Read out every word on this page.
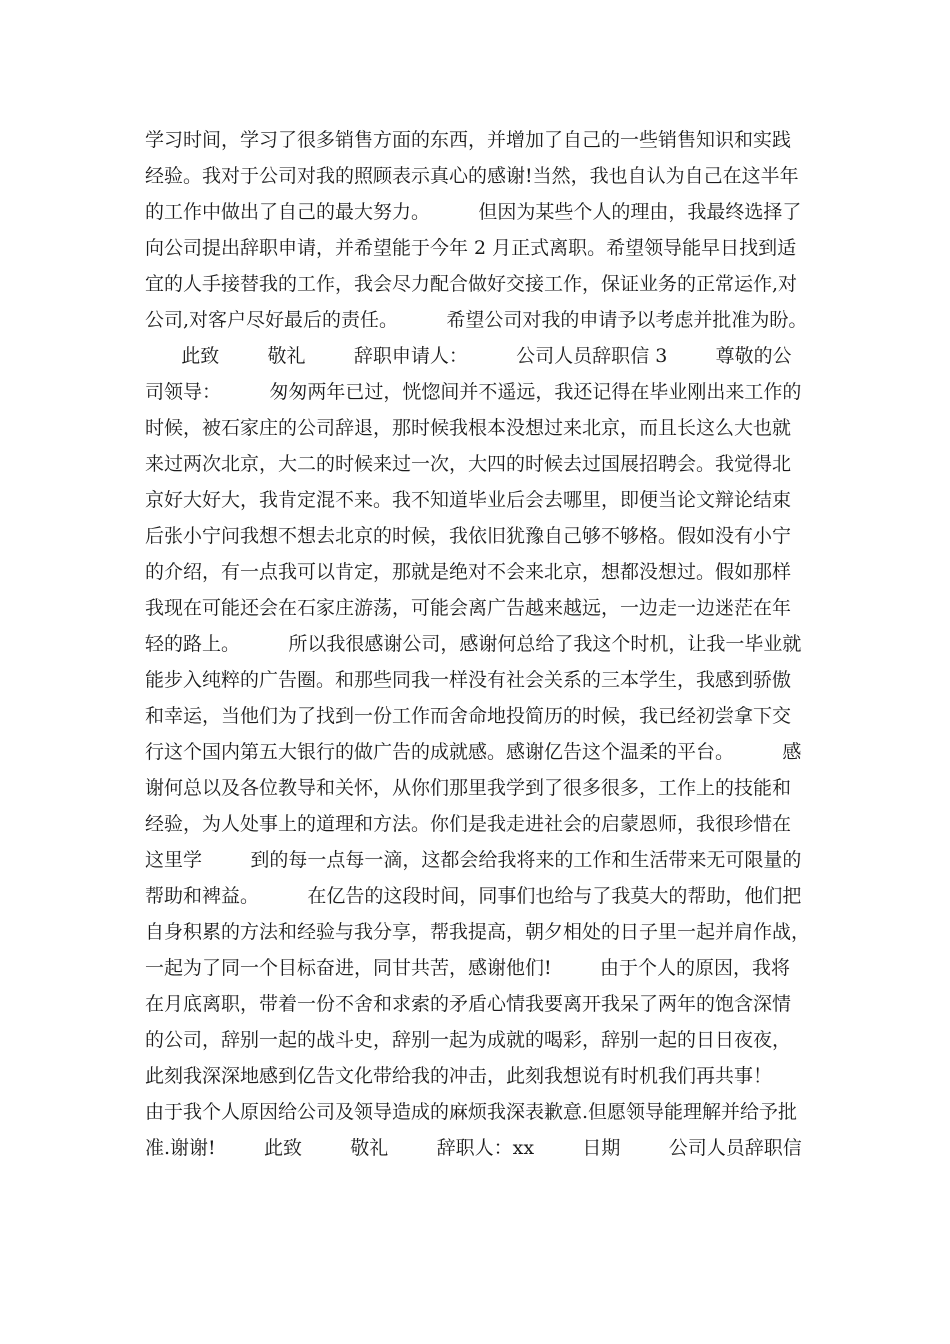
学习时间，学习了很多销售方面的东西，并增加了自己的一些销售知识和实践
经验。我对于公司对我的照顾表示真心的感谢!当然，我也自认为自己在这半年
的工作中做出了自己的最大努力。        但因为某些个人的理由，我最终选择了
向公司提出辞职申请，并希望能于今年 2 月正式离职。希望领导能早日找到适
宜的人手接替我的工作，我会尽力配合做好交接工作，保证业务的正常运作,对
公司,对客户尽好最后的责任。        希望公司对我的申请予以考虑并批准为盼。
此致        敬礼        辞职申请人：        公司人员辞职信 3        尊敬的公
司领导：        匆匆两年已过，恍惚间并不遥远，我还记得在毕业刚出来工作的
时候，被石家庄的公司辞退，那时候我根本没想过来北京，而且长这么大也就
来过两次北京，大二的时候来过一次，大四的时候去过国展招聘会。我觉得北
京好大好大，我肯定混不来。我不知道毕业后会去哪里，即便当论文辩论结束
后张小宁问我想不想去北京的时候，我依旧犹豫自己够不够格。假如没有小宁
的介绍，有一点我可以肯定，那就是绝对不会来北京，想都没想过。假如那样
我现在可能还会在石家庄游荡，可能会离广告越来越远，一边走一边迷茫在年
轻的路上。        所以我很感谢公司，感谢何总给了我这个时机，让我一毕业就
能步入纯粹的广告圈。和那些同我一样没有社会关系的三本学生，我感到骄傲
和幸运，当他们为了找到一份工作而舍命地投简历的时候，我已经初尝拿下交
行这个国内第五大银行的做广告的成就感。感谢亿告这个温柔的平台。        感
谢何总以及各位教导和关怀，从你们那里我学到了很多很多，工作上的技能和
经验，为人处事上的道理和方法。你们是我走进社会的启蒙恩师，我很珍惜在
这里学        到的每一点每一滴，这都会给我将来的工作和生活带来无可限量的
帮助和裨益。        在亿告的这段时间，同事们也给与了我莫大的帮助，他们把
自身积累的方法和经验与我分享，帮我提高，朝夕相处的日子里一起并肩作战，
一起为了同一个目标奋进，同甘共苦，感谢他们!        由于个人的原因，我将
在月底离职，带着一份不舍和求索的矛盾心情我要离开我呆了两年的饱含深情
的公司，辞别一起的战斗史，辞别一起为成就的喝彩，辞别一起的日日夜夜，
此刻我深深地感到亿告文化带给我的冲击，此刻我想说有时机我们再共事！
由于我个人原因给公司及领导造成的麻烦我深表歉意.但愿领导能理解并给予批
准.谢谢!        此致        敬礼        辞职人：xx        日期        公司人员辞职信
